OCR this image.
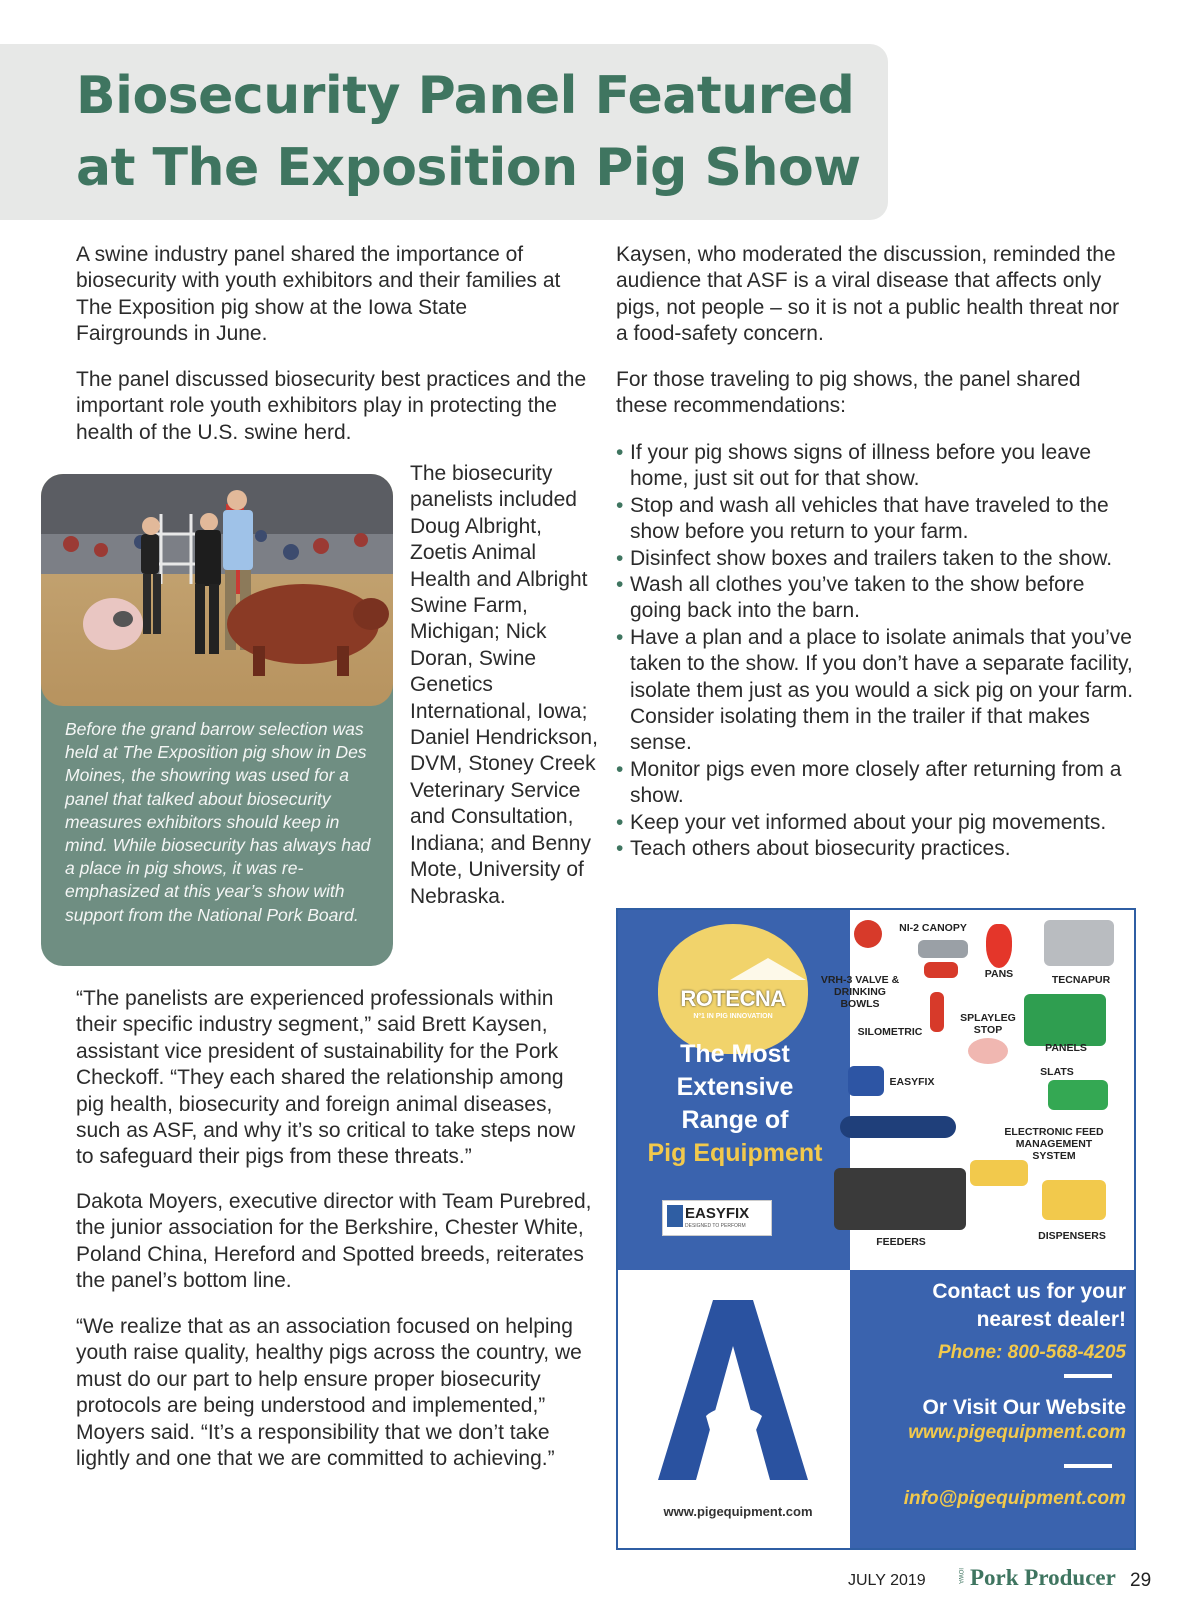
Biosecurity Panel Featured at The Exposition Pig Show

A swine industry panel shared the importance of biosecurity with youth exhibitors and their families at The Exposition pig show at the Iowa State Fairgrounds in June.

The panel discussed biosecurity best practices and the important role youth exhibitors play in protecting the health of the U.S. swine herd.

Before the grand barrow selection was held at The Exposition pig show in Des Moines, the showring was used for a panel that talked about biosecurity measures exhibitors should keep in mind. While biosecurity has always had a place in pig shows, it was re-emphasized at this year’s show with support from the National Pork Board.

The biosecurity panelists included Doug Albright, Zoetis Animal Health and Albright Swine Farm, Michigan; Nick Doran, Swine Genetics International, Iowa; Daniel Hendrickson, DVM, Stoney Creek Veterinary Service and Consultation, Indiana; and Benny Mote, University of Nebraska.

“The panelists are experienced professionals within their specific industry segment,” said Brett Kaysen, assistant vice president of sustainability for the Pork Checkoff. “They each shared the relationship among pig health, biosecurity and foreign animal diseases, such as ASF, and why it’s so critical to take steps now to safeguard their pigs from these threats.”

Dakota Moyers, executive director with Team Purebred, the junior association for the Berkshire, Chester White, Poland China, Hereford and Spotted breeds, reiterates the panel’s bottom line.

“We realize that as an association focused on helping youth raise quality, healthy pigs across the country, we must do our part to help ensure proper biosecurity protocols are being understood and implemented,” Moyers said. “It’s a responsibility that we don’t take lightly and one that we are committed to achieving.”

Kaysen, who moderated the discussion, reminded the audience that ASF is a viral disease that affects only pigs, not people – so it is not a public health threat nor a food-safety concern.

For those traveling to pig shows, the panel shared these recommendations:

• If your pig shows signs of illness before you leave home, just sit out for that show.
• Stop and wash all vehicles that have traveled to the show before you return to your farm.
• Disinfect show boxes and trailers taken to the show.
• Wash all clothes you’ve taken to the show before going back into the barn.
• Have a plan and a place to isolate animals that you’ve taken to the show. If you don’t have a separate facility, isolate them just as you would a sick pig on your farm. Consider isolating them in the trailer if that makes sense.
• Monitor pigs even more closely after returning from a show.
• Keep your vet informed about your pig movements.
• Teach others about biosecurity practices.
ROTECNA
Nº1 IN PIG INNOVATION
The Most
Extensive
Range of
Pig Equipment
EASYFIX
DESIGNED TO PERFORM
NI-2 CANOPY
VRH-3 VALVE & DRINKING BOWLS
PANS	TECNAPUR
SILOMETRIC
SPLAYLEG STOP
PANELS
SLATS
EASYFIX
ELECTRONIC FEED MANAGEMENT SYSTEM
FEEDERS	DISPENSERS
www.pigequipment.com
Contact us for your
nearest dealer!
Phone: 800-568-4205
Or Visit Our Website
www.pigequipment.com
info@pigequipment.com
JULY 2019	IOWA Pork Producer 29
